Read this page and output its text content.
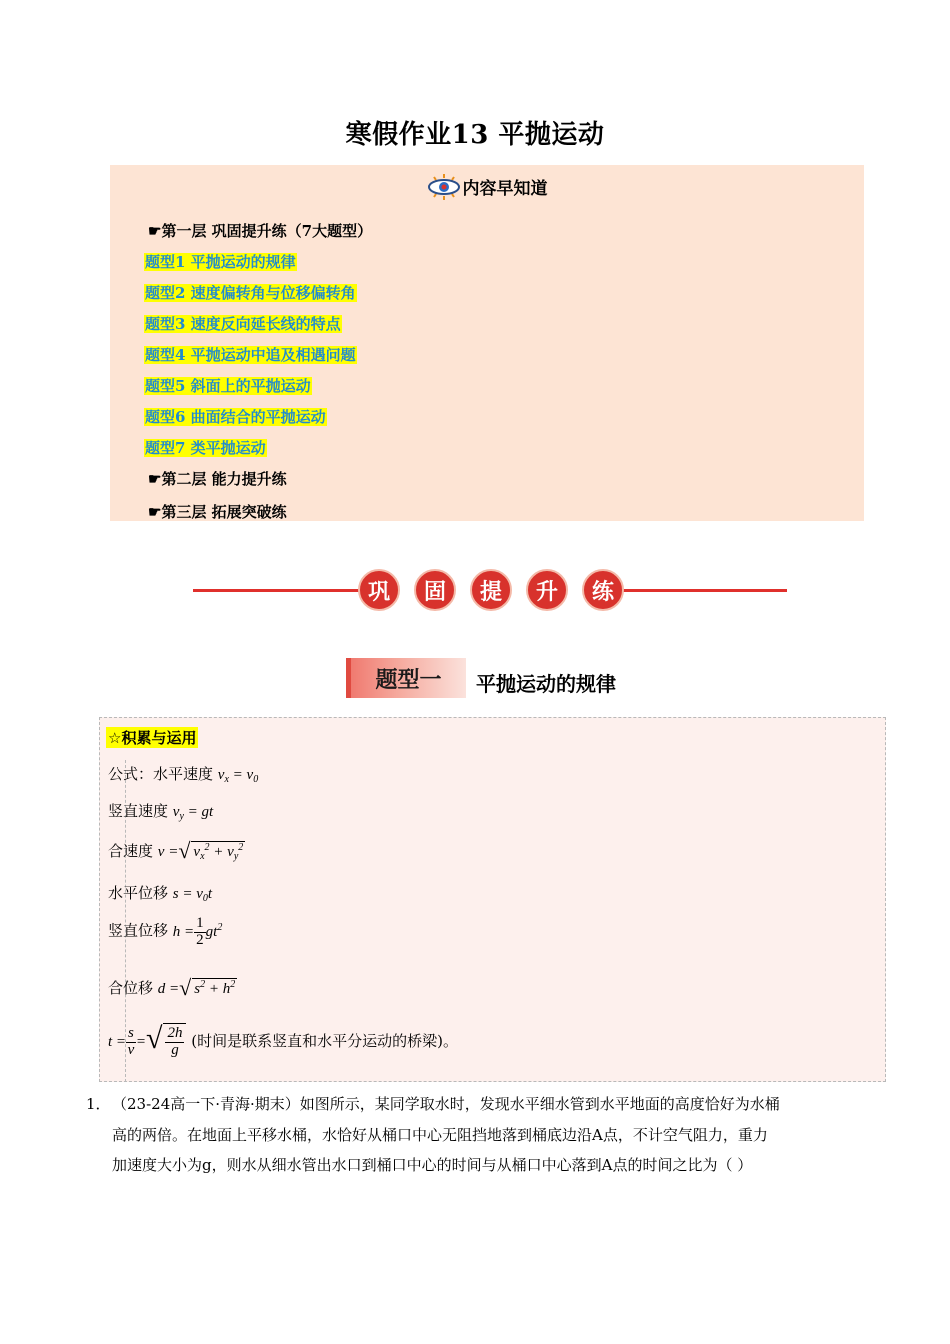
寒假作业13 平抛运动
内容早知道
☛第一层 巩固提升练（7大题型）
题型1 平抛运动的规律
题型2 速度偏转角与位移偏转角
题型3 速度反向延长线的特点
题型4 平抛运动中追及相遇问题
题型5 斜面上的平抛运动
题型6 曲面结合的平抛运动
题型7 类平抛运动
☛第二层 能力提升练
☛第三层 拓展突破练
巩	固	提	升	练
题型一	平抛运动的规律
☆积累与运用
公式：水平速度 $v_x = v_0$
竖直速度 $v_y$ = gt
合速度 v =√ $v_x^2 + v_y^2$
水平位移 $s = v_0t$
竖直位移 $h = \frac{1}{2} gt^2$
合位移 d =√ $s^2 + h^2$
$t = \frac{s}{v}$ =√ $\frac{2h}{g}$ (时间是联系竖直和水平分运动的桥梁)。
1． （23-24高一下·青海·期末）如图所示，某同学取水时，发现水平细水管到水平地面的高度恰好为水桶
高的两倍。在地面上平移水桶，水恰好从桶口中心无阻挡地落到桶底边沿A点，不计空气阻力，重力
加速度大小为g，则水从细水管出水口到桶口中心的时间与从桶口中心落到A点的时间之比为（ ）
